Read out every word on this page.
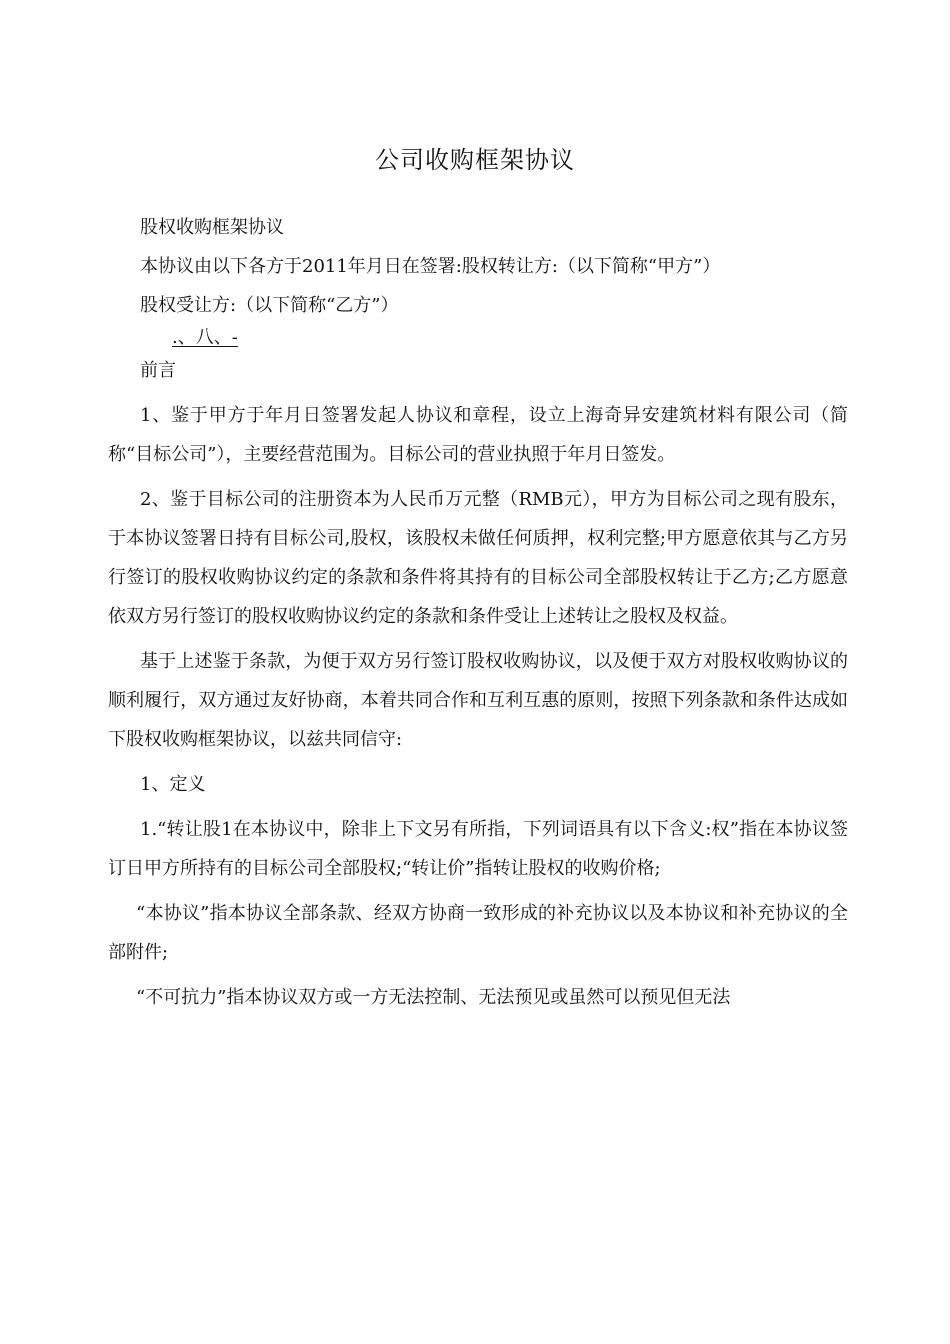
公司收购框架协议

股权收购框架协议

本协议由以下各方于2011年月日在签署:股权转让方:（以下简称“甲方”）

股权受让方:（以下简称“乙方”）

.、八、-

前言

1、鉴于甲方于年月日签署发起人协议和章程，设立上海奇异安建筑材料有限公司（简称“目标公司”），主要经营范围为。目标公司的营业执照于年月日签发。

2、鉴于目标公司的注册资本为人民币万元整（RMB元），甲方为目标公司之现有股东，于本协议签署日持有目标公司,股权，该股权未做任何质押，权利完整;甲方愿意依其与乙方另行签订的股权收购协议约定的条款和条件将其持有的目标公司全部股权转让于乙方;乙方愿意依双方另行签订的股权收购协议约定的条款和条件受让上述转让之股权及权益。

基于上述鉴于条款，为便于双方另行签订股权收购协议，以及便于双方对股权收购协议的顺利履行，双方通过友好协商，本着共同合作和互利互惠的原则，按照下列条款和条件达成如下股权收购框架协议，以兹共同信守:

1、定义

1.“转让股1在本协议中，除非上下文另有所指，下列词语具有以下含义:权”指在本协议签订日甲方所持有的目标公司全部股权;“转让价”指转让股权的收购价格;

“本协议”指本协议全部条款、经双方协商一致形成的补充协议以及本协议和补充协议的全部附件;

“不可抗力”指本协议双方或一方无法控制、无法预见或虽然可以预见但无法
